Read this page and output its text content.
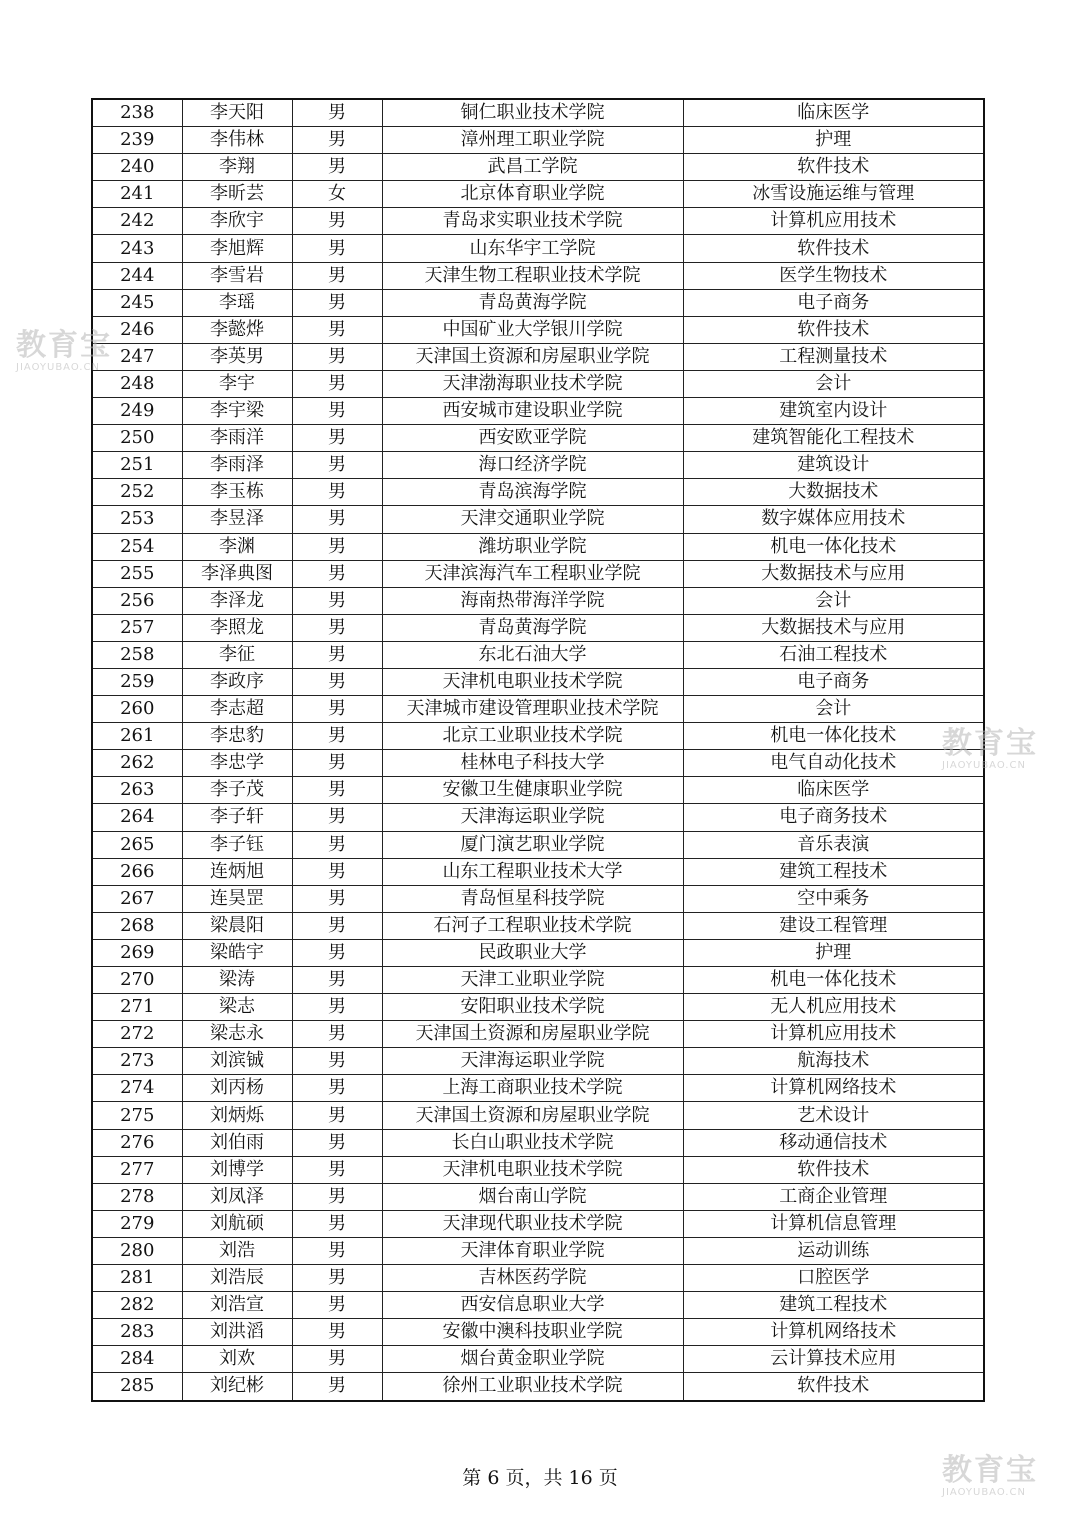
238	李天阳	男	铜仁职业技术学院	临床医学
239	李伟林	男	漳州理工职业学院	护理
240	李翔	男	武昌工学院	软件技术
241	李昕芸	女	北京体育职业学院	冰雪设施运维与管理
242	李欣宇	男	青岛求实职业技术学院	计算机应用技术
243	李旭辉	男	山东华宇工学院	软件技术
244	李雪岩	男	天津生物工程职业技术学院	医学生物技术
245	李瑶	男	青岛黄海学院	电子商务
246	李懿烨	男	中国矿业大学银川学院	软件技术
247	李英男	男	天津国土资源和房屋职业学院	工程测量技术
248	李宇	男	天津渤海职业技术学院	会计
249	李宇梁	男	西安城市建设职业学院	建筑室内设计
250	李雨洋	男	西安欧亚学院	建筑智能化工程技术
251	李雨泽	男	海口经济学院	建筑设计
252	李玉栋	男	青岛滨海学院	大数据技术
253	李昱泽	男	天津交通职业学院	数字媒体应用技术
254	李渊	男	潍坊职业学院	机电一体化技术
255	李泽典图	男	天津滨海汽车工程职业学院	大数据技术与应用
256	李泽龙	男	海南热带海洋学院	会计
257	李照龙	男	青岛黄海学院	大数据技术与应用
258	李征	男	东北石油大学	石油工程技术
259	李政序	男	天津机电职业技术学院	电子商务
260	李志超	男	天津城市建设管理职业技术学院	会计
261	李忠豹	男	北京工业职业技术学院	机电一体化技术
262	李忠学	男	桂林电子科技大学	电气自动化技术
263	李子茂	男	安徽卫生健康职业学院	临床医学
264	李子轩	男	天津海运职业学院	电子商务技术
265	李子钰	男	厦门演艺职业学院	音乐表演
266	连炳旭	男	山东工程职业技术大学	建筑工程技术
267	连昊罡	男	青岛恒星科技学院	空中乘务
268	梁晨阳	男	石河子工程职业技术学院	建设工程管理
269	梁皓宇	男	民政职业大学	护理
270	梁涛	男	天津工业职业学院	机电一体化技术
271	梁志	男	安阳职业技术学院	无人机应用技术
272	梁志永	男	天津国土资源和房屋职业学院	计算机应用技术
273	刘滨铖	男	天津海运职业学院	航海技术
274	刘丙杨	男	上海工商职业技术学院	计算机网络技术
275	刘炳烁	男	天津国土资源和房屋职业学院	艺术设计
276	刘伯雨	男	长白山职业技术学院	移动通信技术
277	刘博学	男	天津机电职业技术学院	软件技术
278	刘凤泽	男	烟台南山学院	工商企业管理
279	刘航硕	男	天津现代职业技术学院	计算机信息管理
280	刘浩	男	天津体育职业学院	运动训练
281	刘浩辰	男	吉林医药学院	口腔医学
282	刘浩宣	男	西安信息职业大学	建筑工程技术
283	刘洪滔	男	安徽中澳科技职业学院	计算机网络技术
284	刘欢	男	烟台黄金职业学院	云计算技术应用
285	刘纪彬	男	徐州工业职业技术学院	软件技术
第 6 页，共 16 页
教育宝
JIAOYUBAO.CN
教育宝
JIAOYUBAO.CN
教育宝
JIAOYUBAO.CN
